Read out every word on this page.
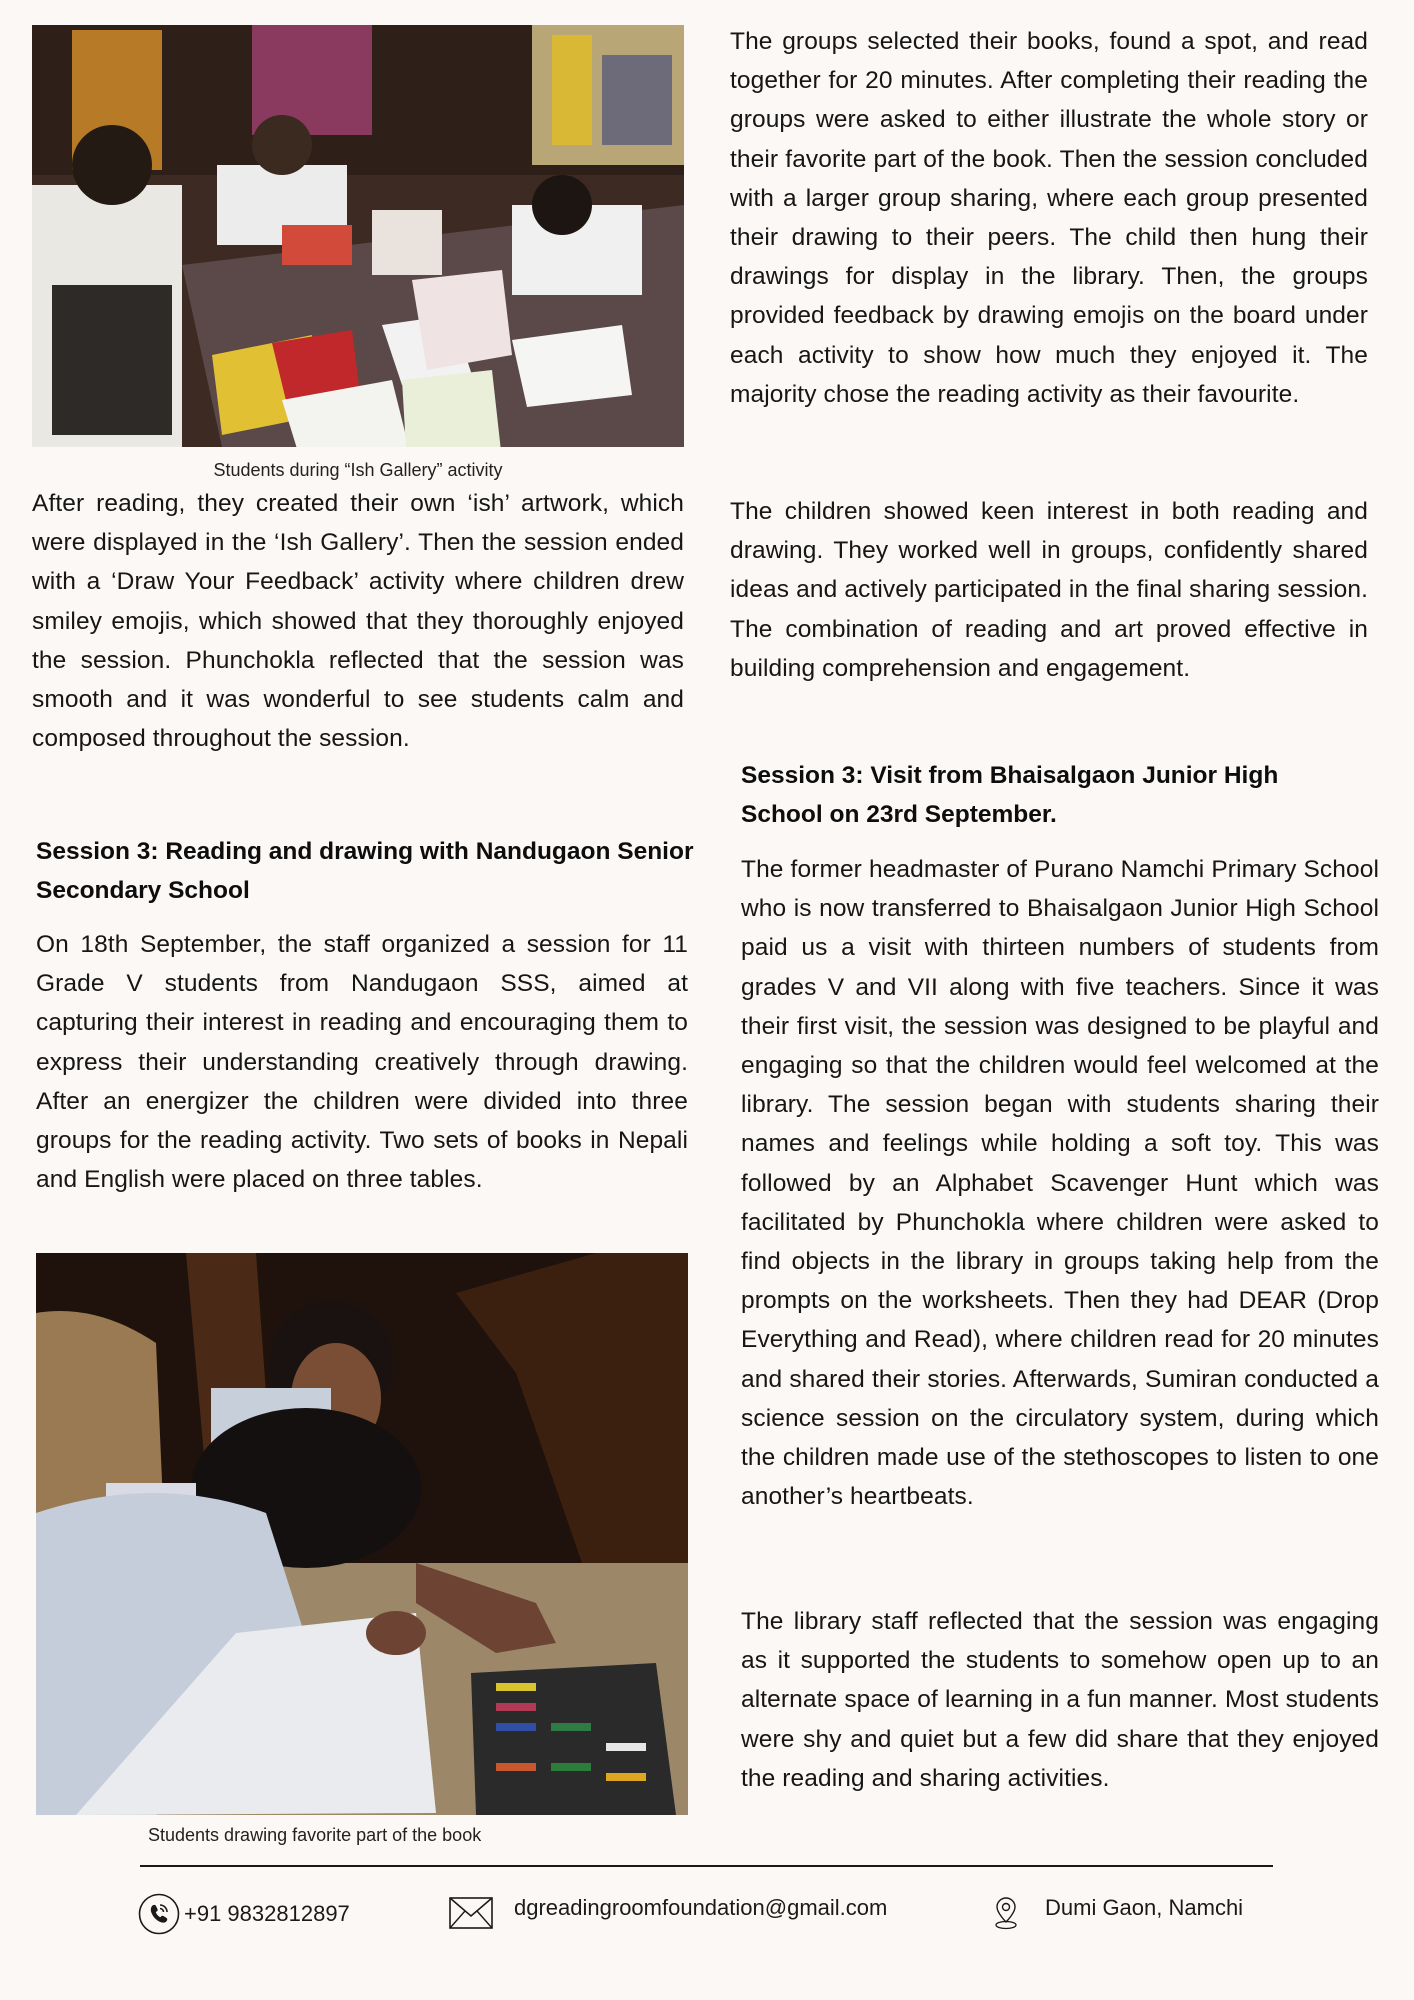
Students during “Ish Gallery” activity

After reading, they created their own ‘ish’ artwork, which were displayed in the ‘Ish Gallery’. Then the session ended with a ‘Draw Your Feedback’ activity where children drew smiley emojis, which showed that they thoroughly enjoyed the session. Phunchokla reflected that the session was smooth and it was wonderful to see students calm and composed throughout the session.

Session 3: Reading and drawing with Nandugaon Senior Secondary School

On 18th September, the staff organized a session for 11 Grade V students from Nandugaon SSS, aimed at capturing their interest in reading and encouraging them to express their understanding creatively through drawing. After an energizer the children were divided into three groups for the reading activity. Two sets of books in Nepali and English were placed on three tables.

Students drawing favorite part of the book

The groups selected their books, found a spot, and read together for 20 minutes. After completing their reading the groups were asked to either illustrate the whole story or their favorite part of the book. Then the session concluded with a larger group sharing, where each group presented their drawing to their peers. The child then hung their drawings for display in the library. Then, the groups provided feedback by drawing emojis on the board under each activity to show how much they enjoyed it. The majority chose the reading activity as their favourite.

The children showed keen interest in both reading and drawing. They worked well in groups, confidently shared ideas and actively participated in the final sharing session. The combination of reading and art proved effective in building comprehension and engagement.

Session 3: Visit from Bhaisalgaon Junior High School on 23rd September.

The former headmaster of Purano Namchi Primary School who is now transferred to Bhaisalgaon Junior High School paid us a visit with thirteen numbers of students from grades V and VII along with five teachers. Since it was their first visit, the session was designed to be playful and engaging so that the children would feel welcomed at the library. The session began with students sharing their names and feelings while holding a soft toy. This was followed by an Alphabet Scavenger Hunt which was facilitated by Phunchokla where children were asked to find objects in the library in groups taking help from the prompts on the worksheets. Then they had DEAR (Drop Everything and Read), where children read for 20 minutes and shared their stories. Afterwards, Sumiran conducted a science session on the circulatory system, during which the children made use of the stethoscopes to listen to one another’s heartbeats.

The library staff reflected that the session was engaging as it supported the students to somehow open up to an alternate space of learning in a fun manner. Most students were shy and quiet but a few did share that they enjoyed the reading and sharing activities.

+91 9832812897	dgreadingroomfoundation@gmail.com	Dumi Gaon, Namchi
